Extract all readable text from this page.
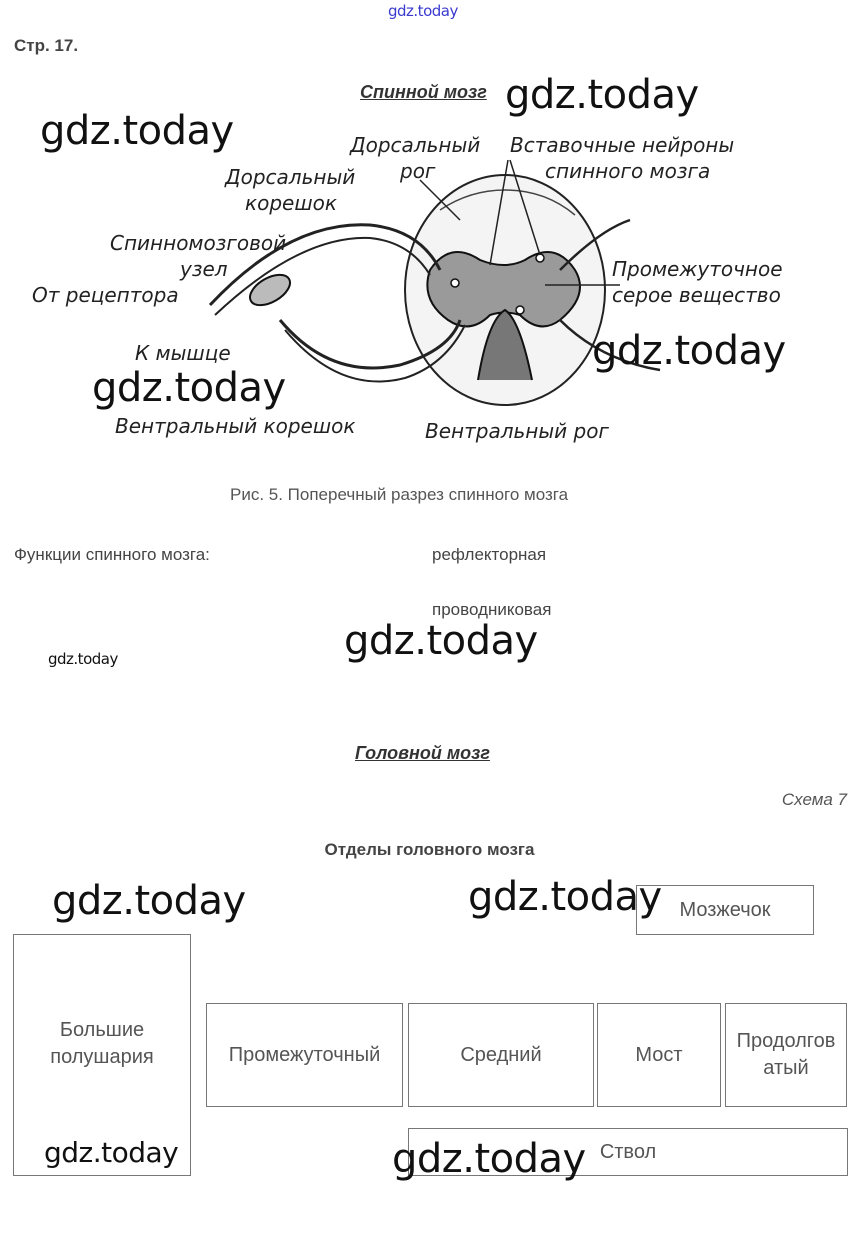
Стр. 17.
Спинной мозг
Дорсальный
рог
Вставочные нейроны
спинного мозга
Дорсальный
корешок
Спинномозговой
узел
От рецептора
Промежуточное
серое вещество
К мышце
Вентральный корешок	Вентральный рог
Рис. 5. Поперечный разрез спинного мозга
Функции спинного мозга:	рефлекторная
проводниковая
Головной мозг
Схема 7
Отделы головного мозга
Мозжечок
Большие полушария	Промежуточный	Средний	Мост
Продолговатый
Ствол
gdz.today
gdz.today
gdz.today
gdz.today
gdz.today
gdz.today
gdz.today
gdz.today	gdz.today
gdz.today	gdz.today
